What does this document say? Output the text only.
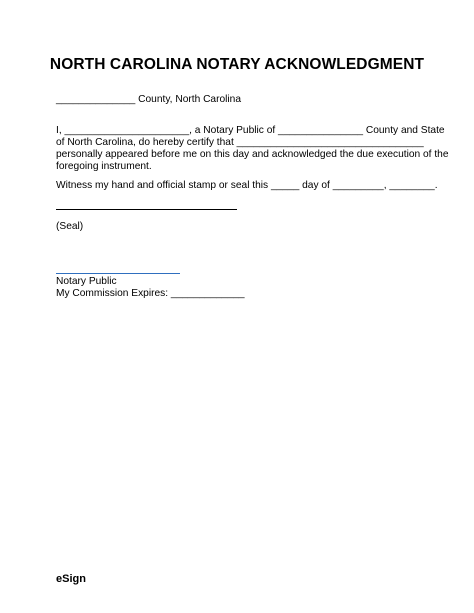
NORTH CAROLINA NOTARY ACKNOWLEDGMENT
______________ County, North Carolina
I, ______________________, a Notary Public of _______________ County and State
of North Carolina, do hereby certify that _________________________________
personally appeared before me on this day and acknowledged the due execution of the
foregoing instrument.
Witness my hand and official stamp or seal this _____ day of _________, ________.
(Seal)
Notary Public
My Commission Expires: _____________
eSign
